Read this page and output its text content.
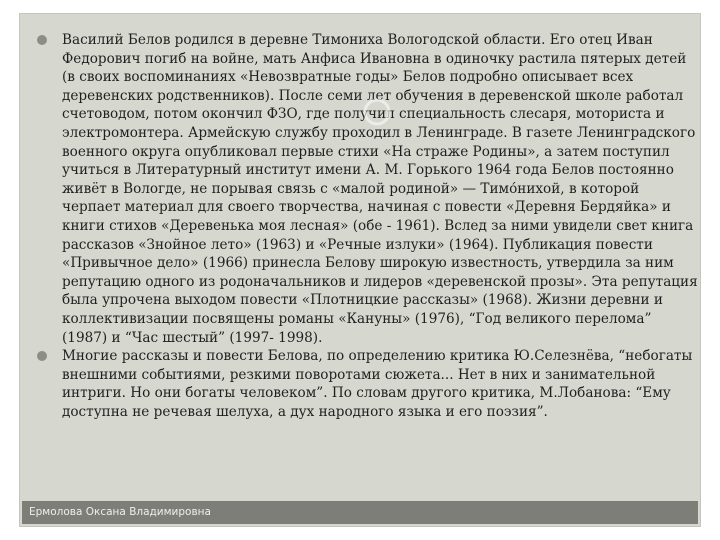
Василий Белов родился в деревне Тимониха Вологодской области. Его отец Иван Федорович погиб на войне, мать Анфиса Ивановна в одиночку растила пятерых детей (в своих воспоминаниях «Невозвратные годы» Белов подробно описывает всех деревенских родственников). После семи лет обучения в деревенской школе работал счетоводом, потом окончил ФЗО, где получил специальность слесаря, моториста и электромонтера. Армейскую службу проходил в Ленинграде. В газете Ленинградского военного округа опубликовал первые стихи «На страже Родины», а затем поступил учиться в Литературный институт имени А. М. Горького 1964 года Белов постоянно живёт в Вологде, не порывая связь с «малой родиной» — Тимо́нихой, в которой черпает материал для своего творчества, начиная с повести «Деревня Бердяйка» и книги стихов «Деревенька моя лесная» (обе - 1961). Вслед за ними увидели свет книга рассказов «Знойное лето» (1963) и «Речные излуки» (1964). Публикация повести «Привычное дело» (1966) принесла Белову широкую известность, утвердила за ним репутацию одного из родоначальников и лидеров «деревенской прозы». Эта репутация была упрочена выходом повести «Плотницкие рассказы» (1968). Жизни деревни и коллективизации посвящены романы «Кануны» (1976), “Год великого перелома” (1987) и “Час шестый” (1997- 1998).
Многие рассказы и повести Белова, по определению критика Ю.Селезнёва, “небогаты внешними событиями, резкими поворотами сюжета... Нет в них и занимательной интриги. Но они богаты человеком”. По словам другого критика, М.Лобанова: “Ему доступна не речевая шелуха, а дух народного языка и его поэзия”.
Ермолова Оксана Владимировна
